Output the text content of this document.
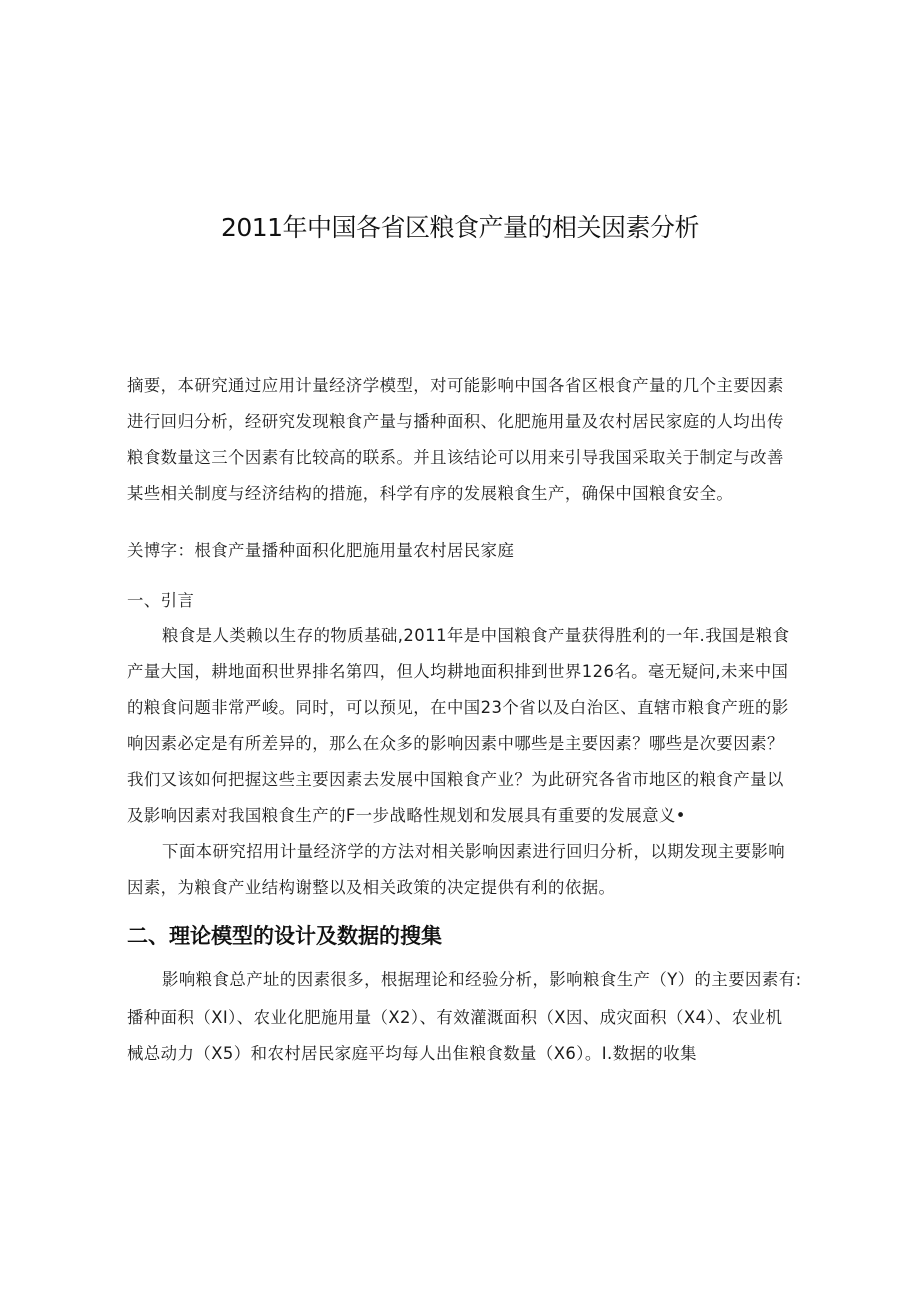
2011年中国各省区粮食产量的相关因素分析
摘要，本研究通过应用计量经济学模型，对可能影响中国各省区根食产量的几个主要因素
进行回归分析，经研究发现粮食产量与播种面积、化肥施用量及农村居民家庭的人均出传
粮食数量这三个因素有比较高的联系。并且该结论可以用来引导我国采取关于制定与改善
某些相关制度与经济结构的措施，科学有序的发展粮食生产，确保中国粮食安全。
关博字：根食产量播种面积化肥施用量农村居民家庭
一、引言
粮食是人类赖以生存的物质基础,2011年是中国粮食产量获得胜利的一年.我国是粮食
产量大国，耕地面积世界排名第四，但人均耕地面积排到世界126名。毫无疑问,未来中国
的粮食问题非常严峻。同时，可以预见，在中国23个省以及白治区、直辖市粮食产班的影
响因素必定是有所差异的，那么在众多的影响因素中哪些是主要因素？哪些是次要因素？
我们又该如何把握这些主要因素去发展中国粮食产业？为此研究各省市地区的粮食产量以
及影响因素对我国粮食生产的F一步战略性规划和发展具有重要的发展意义•
下面本研究招用计量经济学的方法对相关影响因素进行回归分析，以期发现主要影响
因素，为粮食产业结构谢整以及相关政策的决定提供有利的依据。
二、理论模型的设计及数据的搜集
影响粮食总产址的因素很多，根据理论和经验分析，影响粮食生产（Y）的主要因素有:
播种面积（XI）、农业化肥施用量（X2）、有效灌溉面积（X因、成灾面积（X4）、农业机
械总动力（X5）和农村居民家庭平均每人出隹粮食数量（X6）。I.数据的收集
